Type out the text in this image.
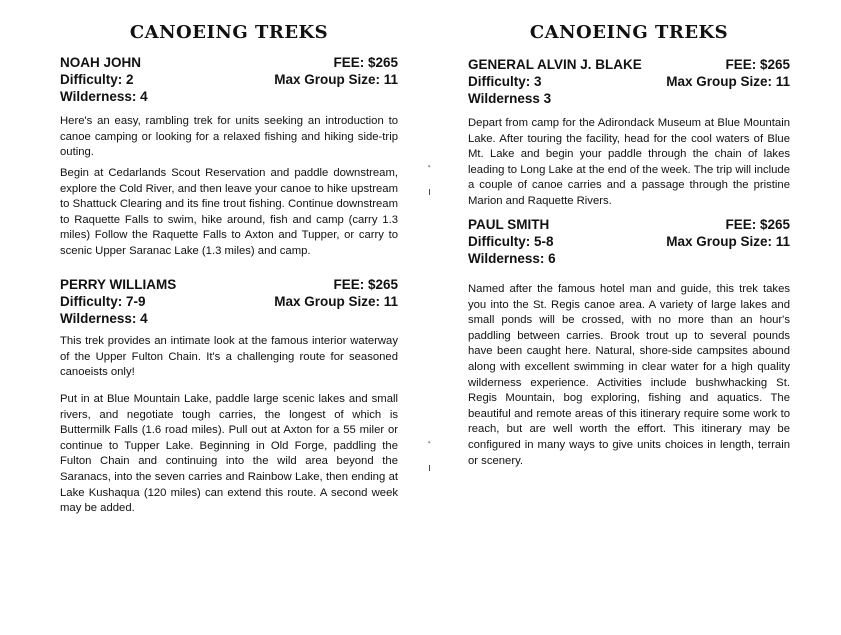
CANOEING TREKS
NOAH JOHN	FEE: $265
Difficulty: 2	Max Group Size: 11
Wilderness: 4
Here's an easy, rambling trek for units seeking an introduction to canoe camping or looking for a relaxed fishing and hiking side-trip outing.
Begin at Cedarlands Scout Reservation and paddle downstream, explore the Cold River, and then leave your canoe to hike upstream to Shattuck Clearing and its fine trout fishing. Continue downstream to Raquette Falls to swim, hike around, fish and camp (carry 1.3 miles) Follow the Raquette Falls to Axton and Tupper, or carry to scenic Upper Saranac Lake (1.3 miles) and camp.
PERRY WILLIAMS	FEE: $265
Difficulty: 7-9	Max Group Size: 11
Wilderness: 4
This trek provides an intimate look at the famous interior waterway of the Upper Fulton Chain. It's a challenging route for seasoned canoeists only!
Put in at Blue Mountain Lake, paddle large scenic lakes and small rivers, and negotiate tough carries, the longest of which is Buttermilk Falls (1.6 road miles). Pull out at Axton for a 55 miler or continue to Tupper Lake. Beginning in Old Forge, paddling the Fulton Chain and continuing into the wild area beyond the Saranacs, into the seven carries and Rainbow Lake, then ending at Lake Kushaqua (120 miles) can extend this route. A second week may be added.
CANOEING TREKS
GENERAL ALVIN J. BLAKE	FEE: $265
Difficulty: 3	Max Group Size: 11
Wilderness 3
Depart from camp for the Adirondack Museum at Blue Mountain Lake. After touring the facility, head for the cool waters of Blue Mt. Lake and begin your paddle through the chain of lakes leading to Long Lake at the end of the week. The trip will include a couple of canoe carries and a passage through the pristine Marion and Raquette Rivers.
PAUL SMITH	FEE: $265
Difficulty: 5-8	Max Group Size: 11
Wilderness: 6
Named after the famous hotel man and guide, this trek takes you into the St. Regis canoe area. A variety of large lakes and small ponds will be crossed, with no more than an hour's paddling between carries. Brook trout up to several pounds have been caught here. Natural, shore-side campsites abound along with excellent swimming in clear water for a high quality wilderness experience. Activities include bushwhacking St. Regis Mountain, bog exploring, fishing and aquatics. The beautiful and remote areas of this itinerary require some work to reach, but are well worth the effort. This itinerary may be configured in many ways to give units choices in length, terrain or scenery.
˛
ı
˛
ı
